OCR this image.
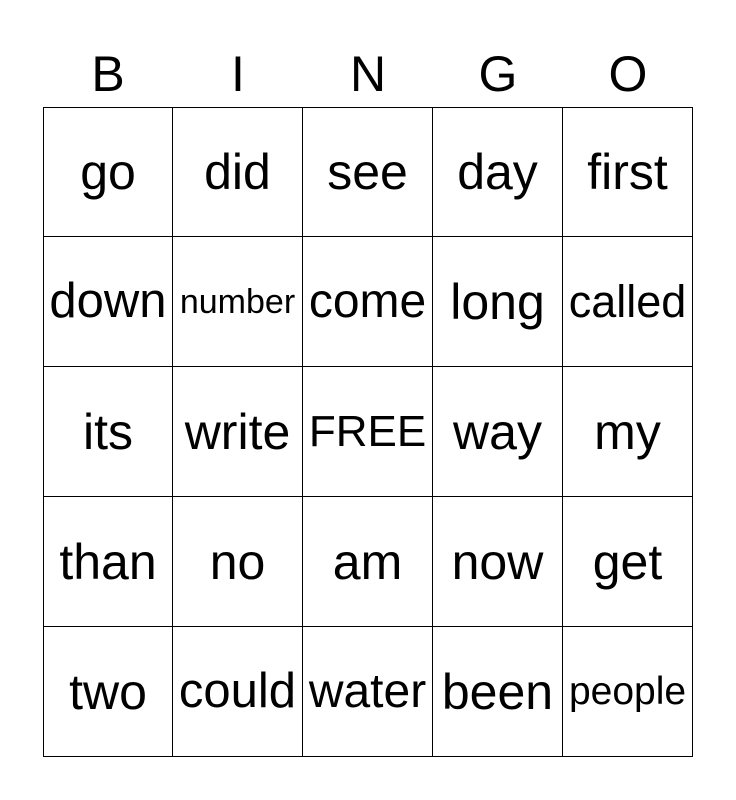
B	I	N	G	O
go did see day first
down number come long called
its write FREE way my
than no am now get
two could water been people
